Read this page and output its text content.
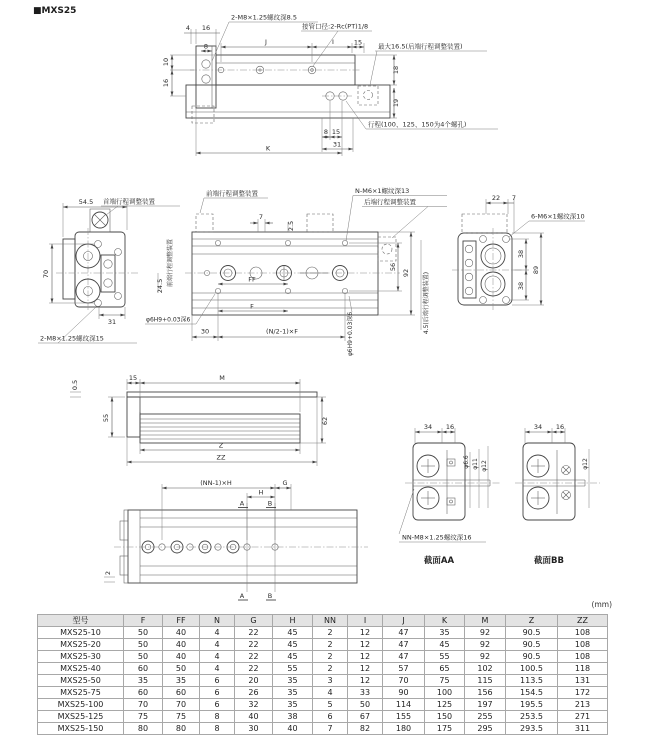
■MXS25
4 16
8
10
16
J	I	15
18
19
8 15
31
K
2-M8×1.25螺纹深8.5
接管口径:2-Rc(PT)1/8
最大16.5(后端行程调整装置)
行程(100、125、150为4个螺孔)
54.5 首端行程调整装置
70
31
2-M8×1.25螺纹深15
前端行程调整装置
7
2.5
N-M6×1螺纹深13
后端行程调整装置
56
92 4.5(后端行程调整装置)
前端行程调整装置
24.5	FF
F
30	(N/2-1)×F
φ6H9+0.03深6	φ6H9+0.03深6
22 7
6-M6×1螺纹深10
38
38
89
0.5
15	M
55	62
Z
ZZ
(NN-1)×H	G
H
A
A
B
B
2
34 16
φ6.6 φ11 φ12
NN-M8×1.25螺纹深16
截面AA
34 16
φ12
截面BB
(mm)
型号	F	FF	N	G	H	NN	I	J	K	M	Z	ZZ
MXS25-10	50	40	4	22	45	2	12	47	35	92	90.5	108
MXS25-20	50	40	4	22	45	2	12	47	45	92	90.5	108
MXS25-30	50	40	4	22	45	2	12	47	55	92	90.5	108
MXS25-40	60	50	4	22	55	2	12	57	65	102	100.5	118
MXS25-50	35	35	6	20	35	3	12	70	75	115	113.5	131
MXS25-75	60	60	6	26	35	4	33	90	100	156	154.5	172
MXS25-100	70	70	6	32	35	5	50	114	125	197	195.5	213
MXS25-125	75	75	8	40	38	6	67	155	150	255	253.5	271
MXS25-150	80	80	8	30	40	7	82	180	175	295	293.5	311
